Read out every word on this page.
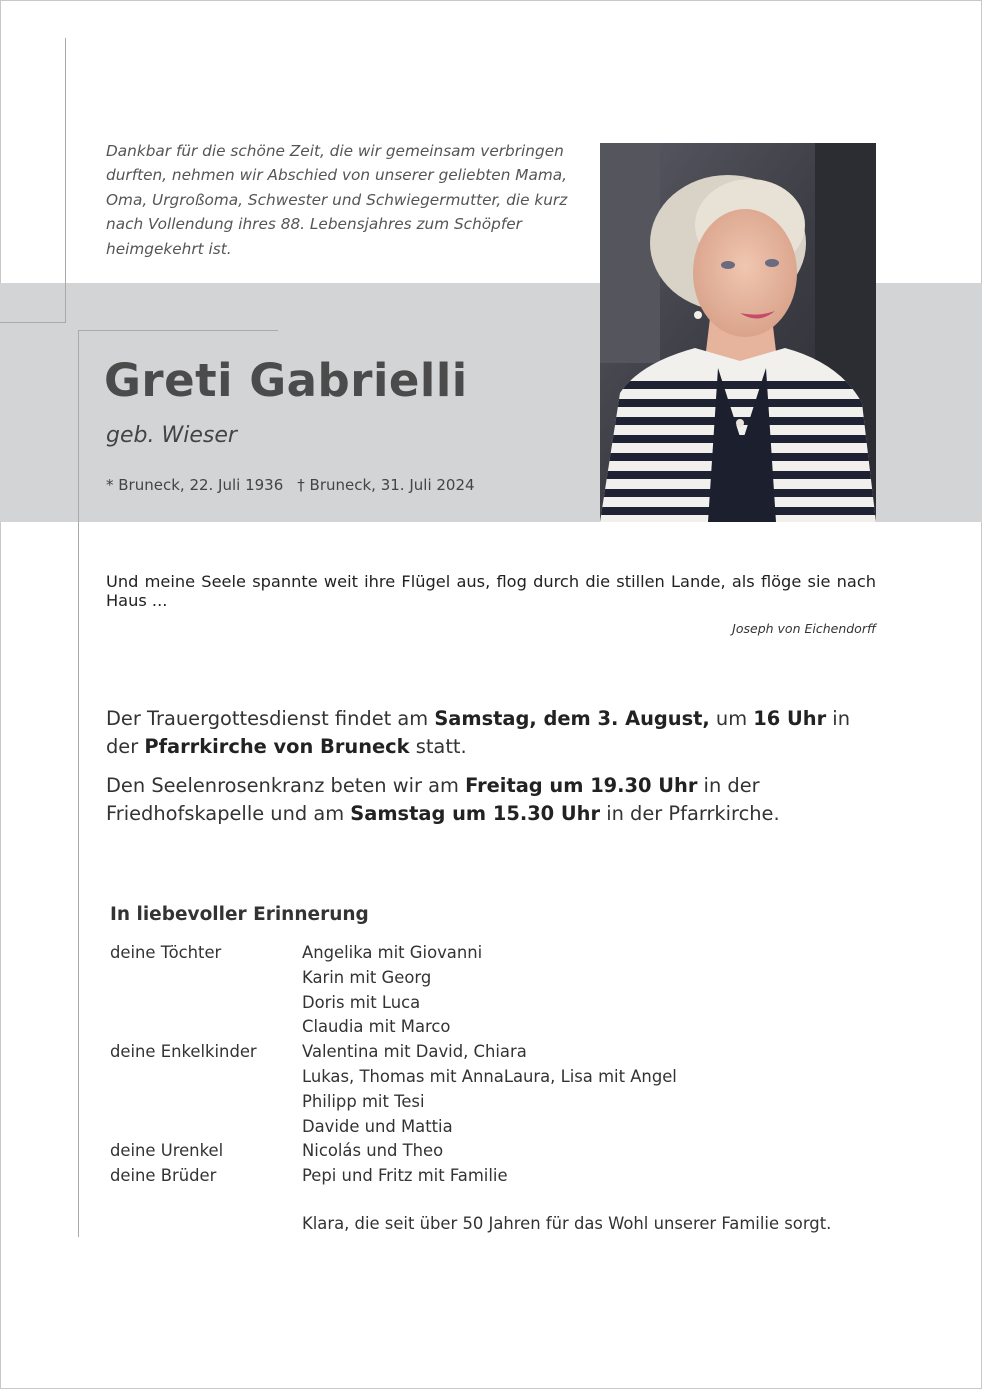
Dankbar für die schöne Zeit, die wir gemeinsam verbringen durften, nehmen wir Abschied von unserer geliebten Mama, Oma, Urgroßoma, Schwester und Schwiegermutter, die kurz nach Vollendung ihres 88. Lebensjahres zum Schöpfer heimgekehrt ist.
Greti Gabrielli
geb. Wieser
* Bruneck, 22. Juli 1936 † Bruneck, 31. Juli 2024
Und meine Seele spannte weit ihre Flügel aus, flog durch die stillen Lande, als flöge sie nach Haus ...
Joseph von Eichendorff

Der Trauergottesdienst findet am Samstag, dem 3. August, um 16 Uhr in der Pfarrkirche von Bruneck statt.

Den Seelenrosenkranz beten wir am Freitag um 19.30 Uhr in der Friedhofskapelle und am Samstag um 15.30 Uhr in der Pfarrkirche.

In liebevoller Erinnerung
deine Töchter	Angelika mit Giovanni
Karin mit Georg
Doris mit Luca
Claudia mit Marco
deine Enkelkinder	Valentina mit David, Chiara
Lukas, Thomas mit AnnaLaura, Lisa mit Angel
Philipp mit Tesi
Davide und Mattia
deine Urenkel	Nicolás und Theo
deine Brüder	Pepi und Fritz mit Familie
Klara, die seit über 50 Jahren für das Wohl unserer Familie sorgt.
